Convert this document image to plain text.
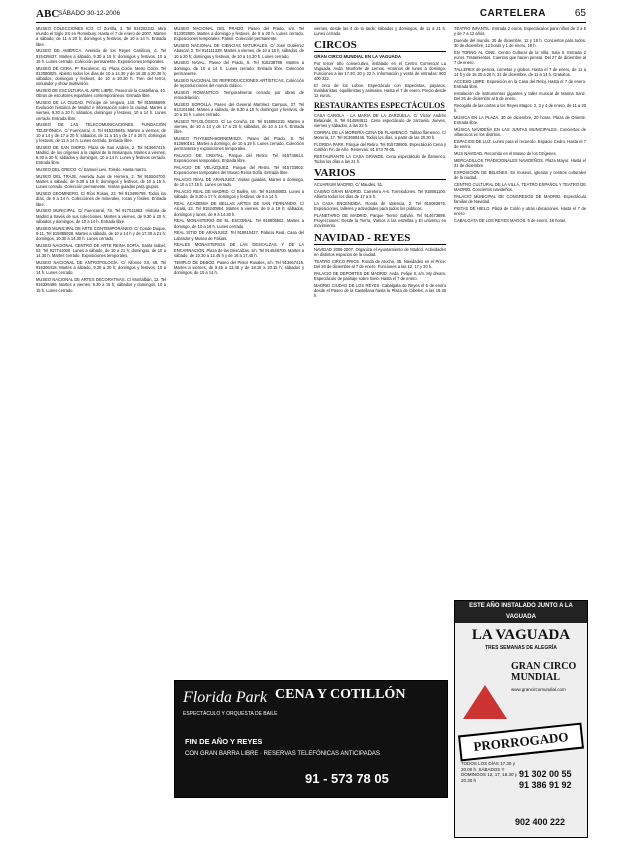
ABC
SÁBADO 30-12-2006	CARTELERA	65

MUSEO COLECCIONES ICO. C/ Zorrilla, 3. Tel 914202242. Mira mundo el Siglo XX en Romebury. Hasta el 7 de enero de 2007. Martes a sábado, de 11 a 20 h; domingos y festivos, de 10 a 14 h. Entrada libre.

MUSEO DE AMÉRICA. Avenida de los Reyes Católicos, 6. Tel 915439437. Martes a sábado, 9.30 a 15 h; domingos y festivos, 10 a 15 h. Lunes cerrado. Colección permanente. Exposiciones temporales.

MUSEO DE CERA. Pº Recoletos, 41. Plaza Colón. Metro Colón. Tel 913080825. Abierto todos los días de 10 a 14.30 y de 16.30 a 20.30 h; sábados, domingos y festivos, de 10 a 20.30 h. Tren del terror, simulador y show multivisión.

MUSEO DE ESCULTURA AL AIRE LIBRE. Paseo de la Castellana, 40. Obras de escultores españoles contemporáneos. Entrada libre.

MUSEO DE LA CIUDAD. Príncipe de Vergara, 140. Tel 915886599. Evolución histórica de Madrid e información sobre la ciudad. Martes a viernes, 9.30 a 20 h; sábados, domingos y festivos, 10 a 14 h. Lunes cerrado. Entrada libre.

MUSEO DE LAS TELECOMUNICACIONES. FUNDACIÓN TELEFÓNICA. C/ Fuencarral, 3. Tel 915226645. Martes a viernes, de 10 a 14 y de 17 a 20 h; sábados, de 11 a 14 y de 17 a 20 h; domingos y festivos, de 11 a 14 h. Lunes cerrado. Entrada libre.

MUSEO DE SAN ISIDRO. Plaza de San Andrés, 2. Tel 913667415. Madrid, de los orígenes a la capital de la Monarquía. Martes a viernes, 9.30 a 20 h; sábados y domingos, 10 a 14 h. Lunes y festivos cerrado. Entrada libre.

MUSEO DEL GRECO. C/ Samuel Levi. Toledo. Hasta marzo.

MUSEO DEL TRAJE. Avenida Juan de Herrera, 2. Tel 915504700. Martes a sábado, de 9.30 a 19 h; domingos y festivos, de 10 a 15 h. Lunes cerrado. Colección permanente. Visitas guiadas para grupos.

MUSEO GEOMINERO. C/ Ríos Rosas, 23. Tel 913495759. Todos los días, de 9 a 14 h. Colecciones de minerales, rocas y fósiles. Entrada libre.

MUSEO MUNICIPAL. C/ Fuencarral, 78. Tel 917011863. Historia de Madrid a través de sus colecciones. Martes a viernes, de 9.30 a 20 h; sábados y domingos, de 10 a 14 h. Entrada libre.

MUSEO MUNICIPAL DE ARTE CONTEMPORÁNEO. C/ Conde Duque, 9-11. Tel 915885928. Martes a sábado, de 10 a 14 h y de 17.30 a 21 h; domingos, 10.30 a 14.30 h. Lunes cerrado.

MUSEO NACIONAL CENTRO DE ARTE REINA SOFÍA. Santa Isabel, 52. Tel 917741000. Lunes a sábado, de 10 a 21 h; domingos, de 10 a 14.30 h. Martes cerrado. Exposiciones temporales.

MUSEO NACIONAL DE ANTROPOLOGÍA. C/ Alfonso XII, 68. Tel 915306418. Martes a sábado, 9.30 a 20 h; domingos y festivos, 10 a 14 h. Lunes cerrado.

MUSEO NACIONAL DE ARTES DECORATIVAS. C/ Montalbán, 12. Tel 915326499. Martes a viernes, 9.30 a 15 h; sábados y domingos, 10 a 15 h. Lunes cerrado.

MUSEO NACIONAL DEL PRADO. Paseo del Prado, s/n. Tel 913302800. Martes a domingo y festivos, de 9 a 20 h. Lunes cerrado. Exposiciones temporales: Patinir. Colección permanente.

MUSEO NACIONAL DE CIENCIAS NATURALES. C/ José Gutiérrez Abascal, 2. Tel 914111328. Martes a viernes, de 10 a 18 h; sábados, de 10 a 20 h; domingos y festivos, de 10 a 14.30 h. Lunes cerrado.

MUSEO NAVAL. Paseo del Prado, 5. Tel 915238789. Martes a domingo, de 10 a 14 h. Lunes cerrado. Entrada libre. Colección permanente.

MUSEO NACIONAL DE REPRODUCCIONES ARTÍSTICAS. Colección de reproducciones del mundo clásico.

MUSEO ROMÁNTICO. Temporalmente cerrado por obras de remodelación.

MUSEO SOROLLA. Paseo del General Martínez Campos, 37. Tel 913101584. Martes a sábado, de 9.30 a 15 h; domingos y festivos, de 10 a 15 h. Lunes cerrado.

MUSEO TIFLOLÓGICO. C/ La Coruña, 18. Tel 915894219. Martes a viernes, de 10 a 14 y de 17 a 20 h; sábados, de 10 a 14 h. Entrada libre.

MUSEO THYSSEN-BORNEMISZA. Paseo del Prado, 8. Tel 913690151. Martes a domingo, de 10 a 19 h. Lunes cerrado. Colección permanente y exposiciones temporales.

PALACIO DE CRISTAL. Parque del Retiro. Tel 915746614. Exposiciones temporales. Entrada libre.

PALACIO DE VELÁZQUEZ. Parque del Retiro. Tel 915733902. Exposiciones temporales del Museo Reina Sofía. Entrada libre.

PALACIO REAL DE ARANJUEZ. Visitas guiadas. Martes a domingo, de 10 a 17.15 h. Lunes cerrado.

PALACIO REAL DE MADRID. C/ Bailén, s/n. Tel 914548803. Lunes a sábado, de 9.30 a 17 h; domingos y festivos, de 9 a 14 h.

REAL ACADEMIA DE BELLAS ARTES DE SAN FERNANDO. C/ Alcalá, 13. Tel 915240864. Martes a viernes, de 9 a 19 h; sábados, domingos y lunes, de 9 a 14.30 h.

REAL MONASTERIO DE EL ESCORIAL. Tel 918905902. Martes a domingo, de 10 a 18 h. Lunes cerrado.

REAL SITIO DE ARANJUEZ. Tel 918910427. Palacio Real, Casa del Labrador y Museo de Falúas.

REALES MONASTERIOS DE LAS DESCALZAS Y DE LA ENCARNACIÓN. Plaza de las Descalzas, s/n. Tel 914548700. Martes a sábado, de 10.30 a 12.45 h y de 16 a 17.45 h.

TEMPLO DE DEBOD. Paseo del Pintor Rosales, s/n. Tel 913667415. Martes a viernes, de 9.45 a 13.45 y de 18.15 a 20.15 h; sábados y domingos, de 10 a 14 h.

viernes, desde las 4 de la tarde; sábados y domingos, de 11 a 21 h. Lunes cerrado.

CIRCOS
GRAN CIRCO MUNDIAL EN LA VAGUADA

Por tercer año consecutivo, instalado en el Centro Comercial La Vaguada. Avda. Monforte de Lemos. Horarios de lunes a domingo. Funciones a las 17.30, 20 y 22 h. Información y venta de entradas: 902 400 222.

El circo de los Lobos. Espectáculo con trapecistas, payasos, malabaristas, equilibristas y animales. Hasta el 7 de enero. Precio desde 12 euros.

RESTAURANTES ESPECTÁCULOS

CASA CAROLA - LA MARIA DE LA ZARZUELA. C/ Víctor Andrés Belaúnde, 9. Tel 914584811. Cena espectáculo de zarzuela. Jueves, viernes y sábados, a las 22 h.

CORRAL DE LA MORERÍA-CENA DE FLAMENCO. Tablao flamenco. C/ Morería, 17. Tel 913658446. Todos los días, a partir de las 20.30 h.

FLORIDA PARK. Parque del Retiro. Tel 915739905. Espectáculo Cena y Cotillón Fin de Año. Reservas: 91 573 78 05.

RESTAURANTE LA CASA GRANDE. Cena espectáculo de flamenco. Todos los días a las 21 h.

VARIOS

ACUARIUM MADRID. C/ Maudes, 51.

CASINO GRAN MADRID. Carretera A-6. Torrelodones. Tel 918561100. Abierto todos los días de 17 a 5 h.

LA CASA ENCENDIDA. Ronda de Valencia, 2. Tel 915063875. Exposiciones, talleres y actividades para todos los públicos.

PLANETARIO DE MADRID. Parque Tierno Galván. Tel 914673898. Proyecciones: Desde la Tierra, Vamos a las estrellas y El universo en movimiento.

NAVIDAD - REYES

NAVIDAD 2006-2007. Organiza el Ayuntamiento de Madrid. Actividades en distintos espacios de la ciudad.

TEATRO CIRCO PRICE. Ronda de Atocha, 35. Navidades en el Price. Del 26 de diciembre al 7 de enero. Funciones a las 12, 17 y 20 h.

PALACIO DE DEPORTES DE MADRID. Avda. Felipe II, s/n. My dream. Espectáculo de patinaje sobre hielo. Hasta el 7 de enero.

MADRID CIUDAD DE LOS REYES. Cabalgata de Reyes el 5 de enero desde el Paseo de la Castellana hasta la Plaza de Cibeles, a las 18.30 h.

TEATRO INFANTIL. Entrada 2 euros. Espectáculos para niños de 3 a 6 y de 7 a 12 años.

Duende del mundo. 30 de diciembre, 12 y 18 h. Conciertos para todos. 30 de diciembre, 12 horas y 1 de enero, 18 h.

EN TORNO AL CINE. Centro Cultural de la Villa. Sala II. Entrada 2 euros. Tratamientos. Cuentos que hacen pensar. Del 27 de diciembre al 7 de enero.

TALLERES de pericia, cometas y globos. Hasta el 7 de enero, de 11 a 14 h y de 16.30 a 20 h; 31 de diciembre, de 11 a 14 h. Gratuitos.

ACCESO LIBRE. Exposición en la Casa del Reloj. Hasta el 7 de enero. Entrada libre.

Instalación de instrumentos gigantes y taller musical de Marina Sanz. Del 26 de diciembre al 5 de enero.

Recogida de las cartas a los Reyes Magos. 2, 3 y 4 de enero, de 11 a 20 h.

MÚSICA EN LA PLAZA. 30 de diciembre, 20 horas. Plaza de Oriente. Entrada libre.

MÚSICA NAVIDEÑA EN LAS JUNTAS MUNICIPALES. Conciertos de villancicos en los distritos.

ESPACIOS DE LUZ. Lunes para el recuerdo. Espacio Cedro. Hasta el 7 de enero.

MUS NAVIDAD. Recorrido en el Museo de los Orígenes.

MERCADILLOS TRADICIONALES NAVIDEÑOS. Plaza Mayor. Hasta el 31 de diciembre.

EXPOSICIÓN DE BELENES. En museos, iglesias y centros culturales de la ciudad.

CENTRO CULTURAL DE LA VILLA, TEATRO ESPAÑOL Y TEATRO DE MADRID. Conciertos navideños.

PALACIO MUNICIPAL DE CONGRESOS DE MADRID. Espectáculo familiar de Navidad.

PISTAS DE HIELO. Plaza de Colón y otras ubicaciones. Hasta el 7 de enero.

CABALGATA DE LOS REYES MAGOS. 5 de enero, 18 horas.

Florida Park
ESPECTÁCULO Y ORQUESTA DE BAILE
CENA Y COTILLÓN
FIN DE AÑO Y REYES
CON GRAN BARRA LIBRE · RESERVAS TELEFÓNICAS ANTICIPADAS
91 - 573 78 05
ESTE AÑO INSTALADO JUNTO A LA VAGUADA
LA VAGUADA
TRES SEMANAS DE ALEGRÍA
GRAN CIRCO MUNDIAL
www.grancircomundial.com
PRORROGADO
TODOS LOS DÍAS 17.30 y 20.00 h. SÁBADOS Y DOMINGOS 12, 17, 18.30 y 20.30 h
91 302 00 55
91 386 91 92
902 400 222
